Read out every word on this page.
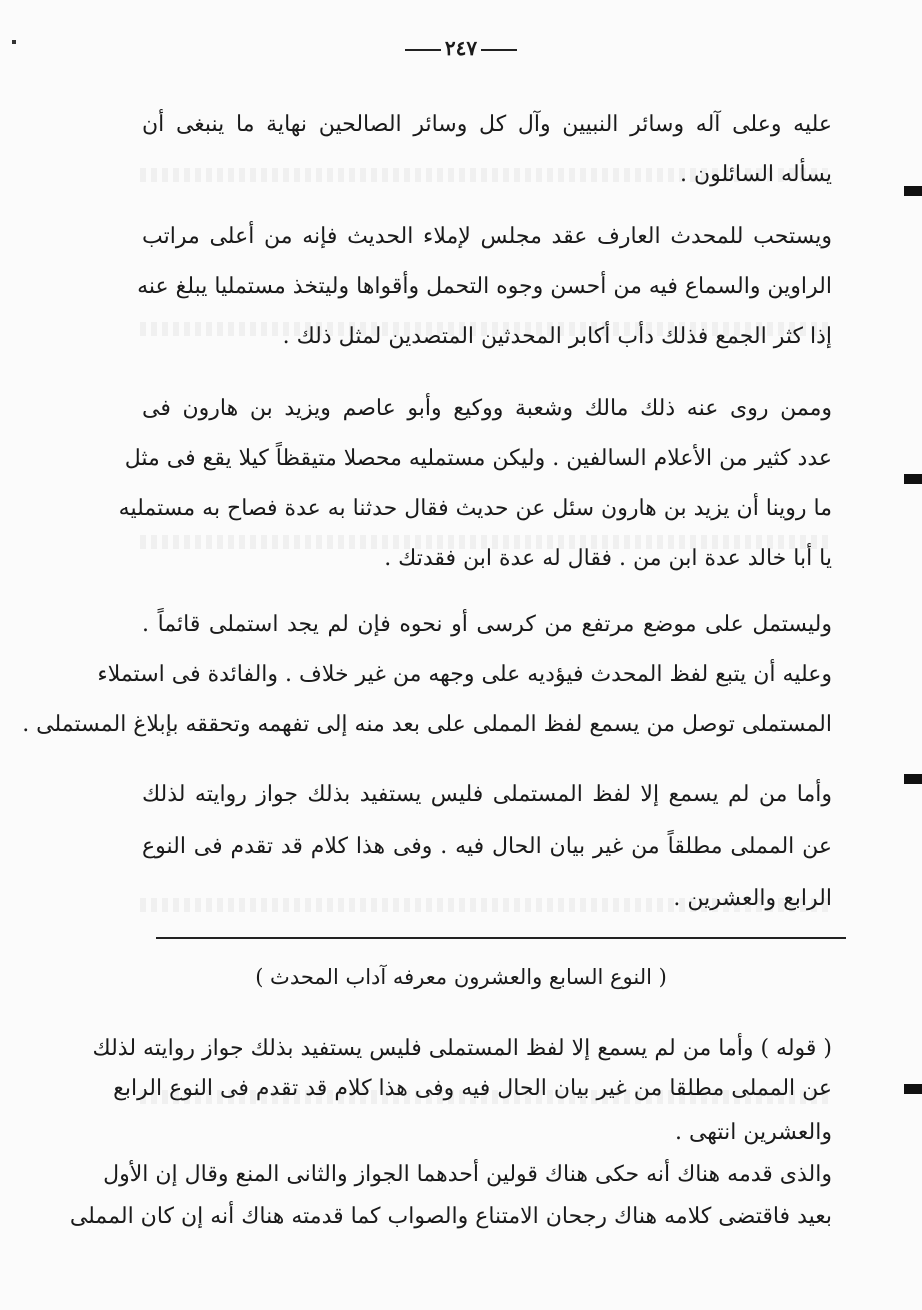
٢٤٧
عليه وعلى آله وسائر النبيين وآل كل وسائر الصالحين نهاية ما ينبغى أن
يسأله السائلون .
ويستحب للمحدث العارف عقد مجلس لإملاء الحديث فإنه من أعلى مراتب
الراوين والسماع فيه من أحسن وجوه التحمل وأقواها وليتخذ مستمليا يبلغ عنه
إذا كثر الجمع فذلك دأب أكابر المحدثين المتصدين لمثل ذلك .
وممن روى عنه ذلك مالك وشعبة ووكيع وأبو عاصم ويزيد بن هارون فى
عدد كثير من الأعلام السالفين . وليكن مستمليه محصلا متيقظاً كيلا يقع فى مثل
ما روينا أن يزيد بن هارون سئل عن حديث فقال حدثنا به عدة فصاح به مستمليه
يا أبا خالد عدة ابن من . فقال له عدة ابن فقدتك .
وليستمل على موضع مرتفع من كرسى أو نحوه فإن لم يجد استملى قائماً .
وعليه أن يتبع لفظ المحدث فيؤديه على وجهه من غير خلاف . والفائدة فى استملاء
المستملى توصل من يسمع لفظ المملى على بعد منه إلى تفهمه وتحققه بإبلاغ المستملى .
وأما من لم يسمع إلا لفظ المستملى فليس يستفيد بذلك جواز روايته لذلك
عن المملى مطلقاً من غير بيان الحال فيه . وفى هذا كلام قد تقدم فى النوع
الرابع والعشرين .
( النوع السابع والعشرون معرفه آداب المحدث )
( قوله ) وأما من لم يسمع إلا لفظ المستملى فليس يستفيد بذلك جواز روايته لذلك
عن المملى مطلقا من غير بيان الحال فيه وفى هذا كلام قد تقدم فى النوع الرابع
والعشرين انتهى .
والذى قدمه هناك أنه حكى هناك قولين أحدهما الجواز والثانى المنع وقال إن الأول
بعيد فاقتضى كلامه هناك رجحان الامتناع والصواب كما قدمته هناك أنه إن كان المملى
